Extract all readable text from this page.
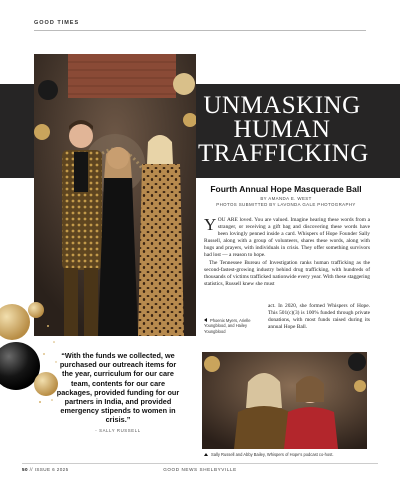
GOOD TIMES
UNMASKING
HUMAN
TRAFFICKING
Fourth Annual Hope Masquerade Ball
BY AMANDA E. WEST
PHOTOS SUBMITTED BY LAVONDA GALE PHOTOGRAPHY

YOU ARE loved. You are valued. Imagine hearing these words from a stranger, or receiving a gift bag and discovering these words have been lovingly penned inside a card. Whispers of Hope Founder Sally Russell, along with a group of volunteers, shares these words, along with hugs and prayers, with individuals in crisis. They offer something survivors had lost — a reason to hope.

The Tennessee Bureau of Investigation ranks human trafficking as the second-fastest-growing industry behind drug trafficking, with hundreds of thousands of victims trafficked nationwide every year. With these staggering statistics, Russell knew she must

act. In 2020, she formed Whispers of Hope. This 501(c)(3) is 100% funded through private donations, with most funds raised during its annual Hope Ball.
Phoenix Myers, Arielle Youngblood, and Hailey Youngblood
“With the funds we collected, we purchased our outreach items for the year, curriculum for our care team, contents for our care packages, provided funding for our partners in India, and provided emergency stipends to women in crisis.”
- SALLY RUSSELL
Sally Russell and Abby Bailey, Whispers of Hope’s podcast co-host.
50 // ISSUE 6 2025	GOOD NEWS SHELBYVILLE
